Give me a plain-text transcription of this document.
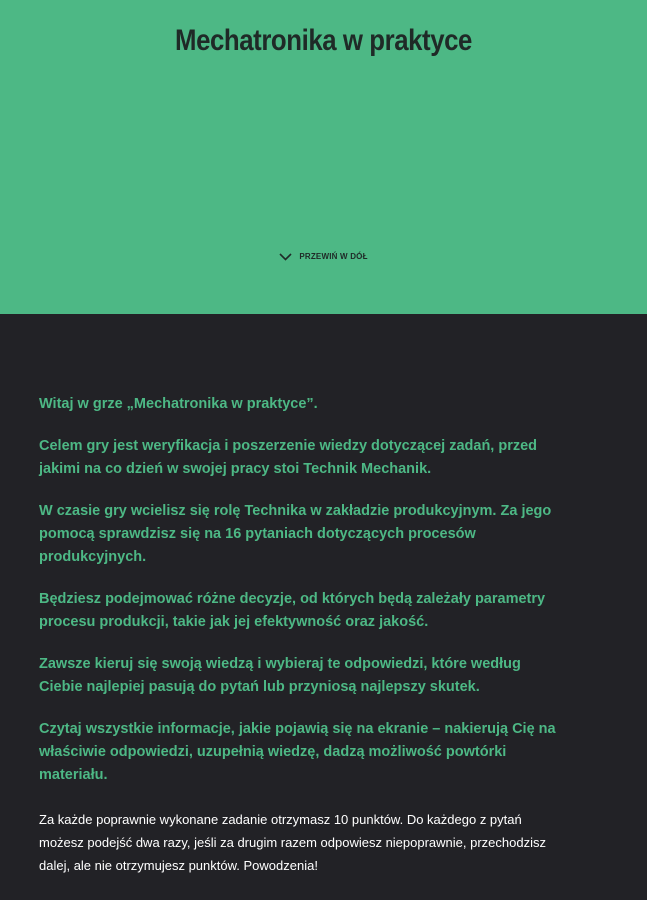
Mechatronika w praktyce
PRZEWIŃ W DÓŁ

Witaj w grze „Mechatronika w praktyce”.

Celem gry jest weryfikacja i poszerzenie wiedzy dotyczącej zadań, przed jakimi na co dzień w swojej pracy stoi Technik Mechanik.

W czasie gry wcielisz się rolę Technika w zakładzie produkcyjnym. Za jego pomocą sprawdzisz się na 16 pytaniach dotyczących procesów produkcyjnych.

Będziesz podejmować różne decyzje, od których będą zależały parametry procesu produkcji, takie jak jej efektywność oraz jakość.

Zawsze kieruj się swoją wiedzą i wybieraj te odpowiedzi, które według Ciebie najlepiej pasują do pytań lub przyniosą najlepszy skutek.

Czytaj wszystkie informacje, jakie pojawią się na ekranie – nakierują Cię na właściwie odpowiedzi, uzupełnią wiedzę, dadzą możliwość powtórki materiału.

Za każde poprawnie wykonane zadanie otrzymasz 10 punktów. Do każdego z pytań możesz podejść dwa razy, jeśli za drugim razem odpowiesz niepoprawnie, przechodzisz dalej, ale nie otrzymujesz punktów. Powodzenia!
